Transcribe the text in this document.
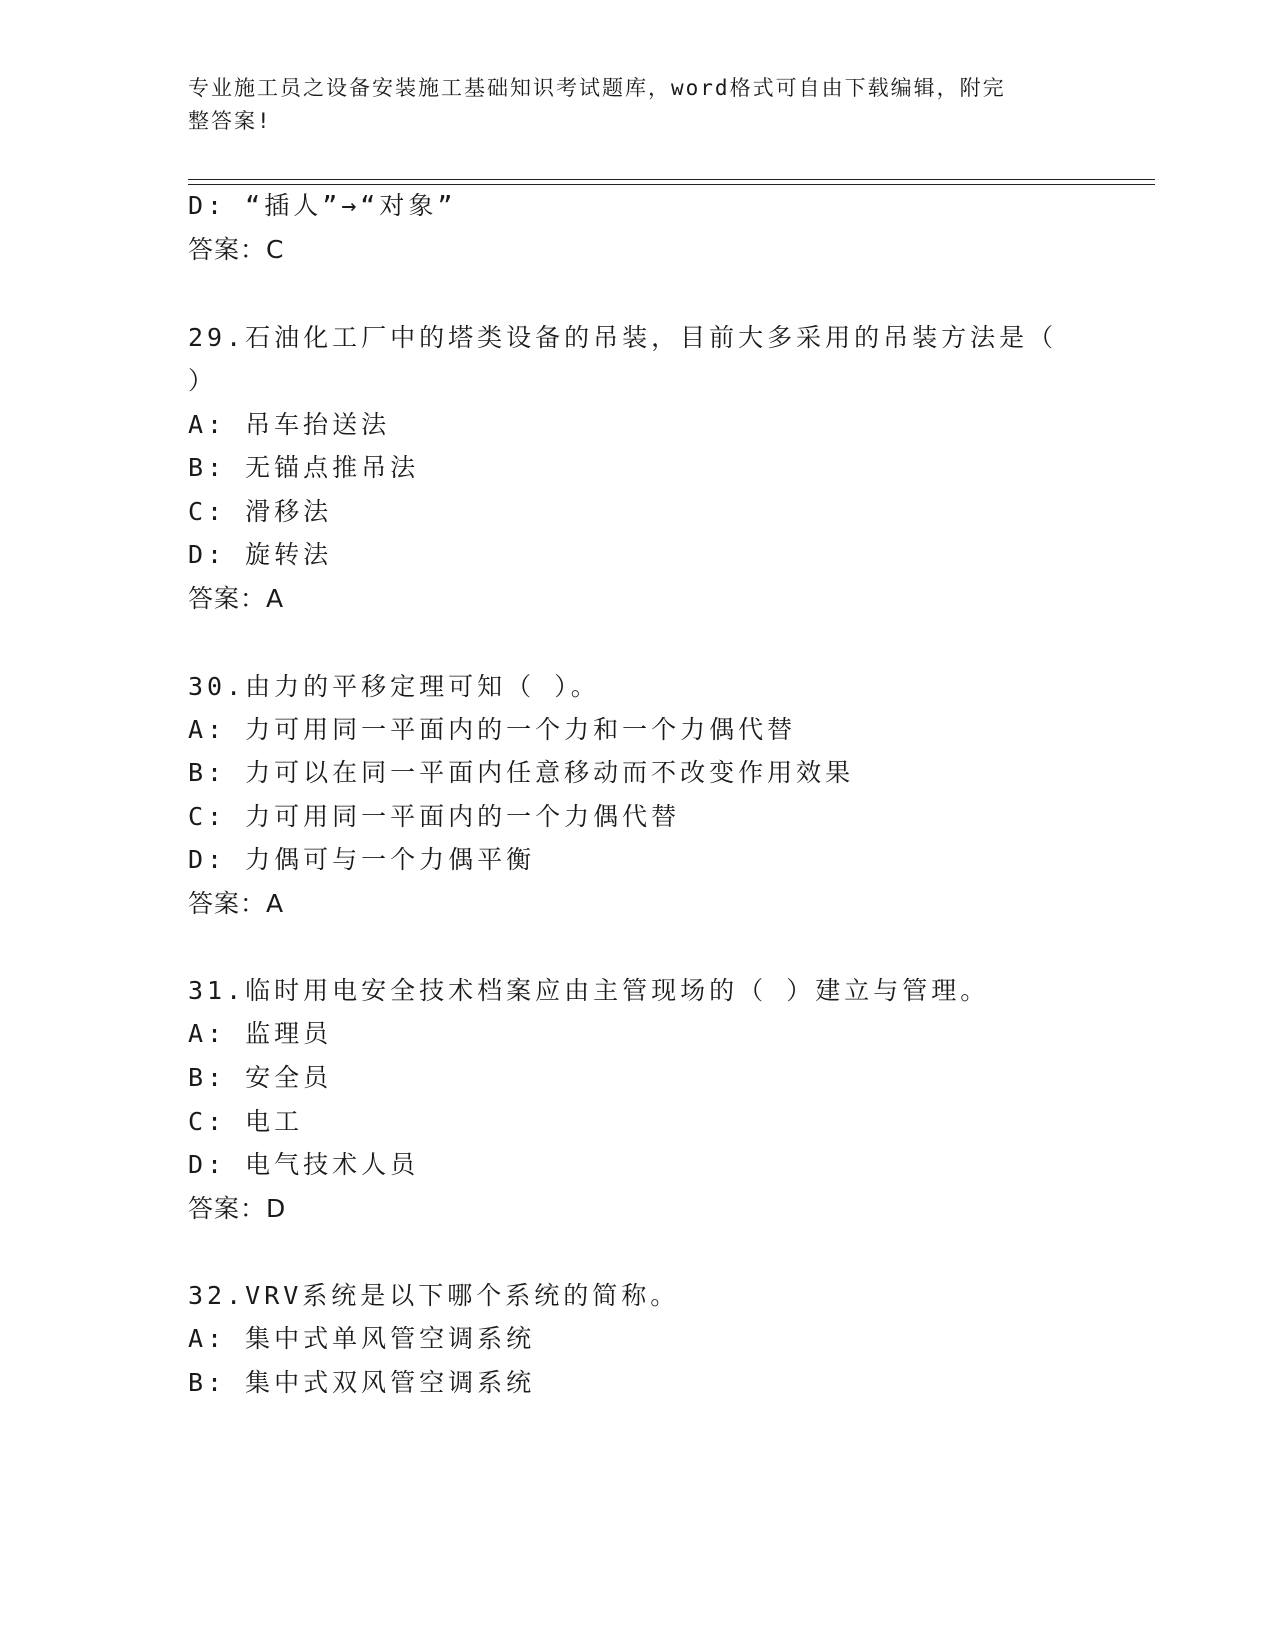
专业施工员之设备安装施工基础知识考试题库，word格式可自由下载编辑，附完
整答案!
D: “插人”→“对象”
答案：C
29.石油化工厂中的塔类设备的吊装，目前大多采用的吊装方法是（
）
A: 吊车抬送法
B: 无锚点推吊法
C: 滑移法
D: 旋转法
答案：A
30.由力的平移定理可知（ ）。
A: 力可用同一平面内的一个力和一个力偶代替
B: 力可以在同一平面内任意移动而不改变作用效果
C: 力可用同一平面内的一个力偶代替
D: 力偶可与一个力偶平衡
答案：A
31.临时用电安全技术档案应由主管现场的（ ）建立与管理。
A: 监理员
B: 安全员
C: 电工
D: 电气技术人员
答案：D
32.VRV系统是以下哪个系统的简称。
A: 集中式单风管空调系统
B: 集中式双风管空调系统
